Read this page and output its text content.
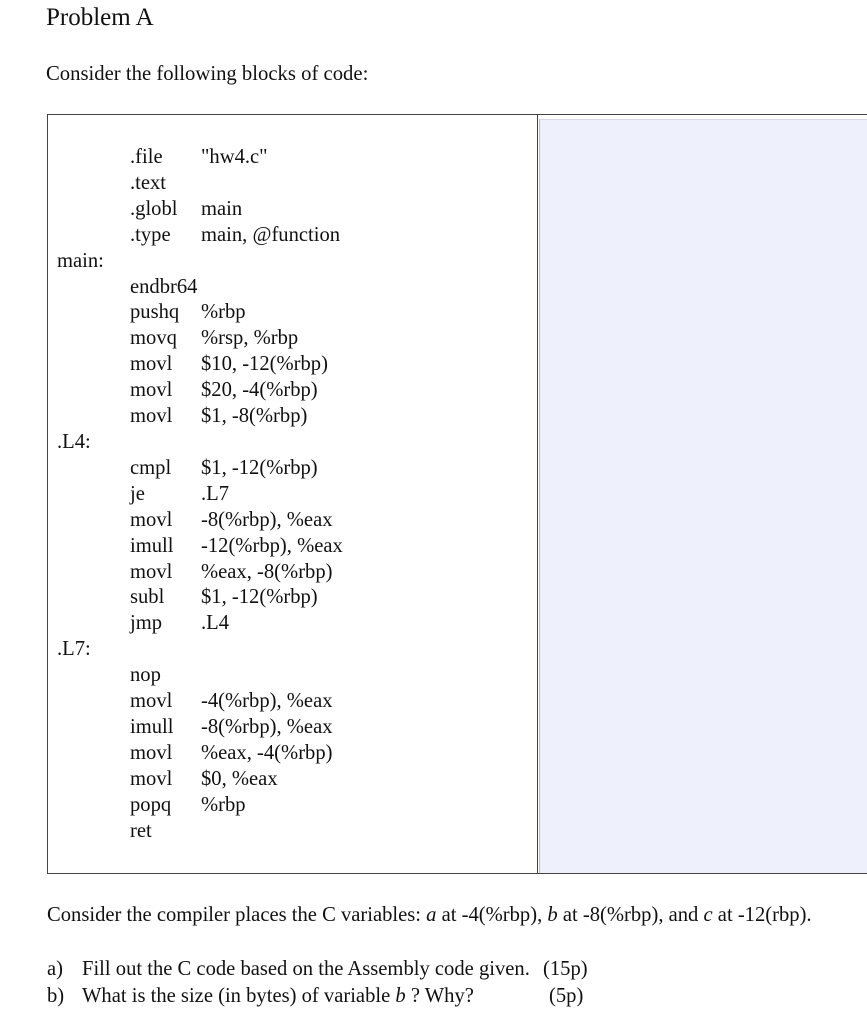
Problem A
Consider the following blocks of code:
.file "hw4.c"
.text
.globl main
.type main, @function
main:
endbr64
pushq %rbp
movq %rsp, %rbp
movl $10, -12(%rbp)
movl $20, -4(%rbp)
movl $1, -8(%rbp)
.L4:
cmpl $1, -12(%rbp)
je	.L7
movl -8(%rbp), %eax
imull -12(%rbp), %eax
movl %eax, -8(%rbp)
subl $1, -12(%rbp)
jmp .L4
.L7:
nop
movl -4(%rbp), %eax
imull -8(%rbp), %eax
movl %eax, -4(%rbp)
movl $0, %eax
popq %rbp
ret
Consider the compiler places the C variables: a at -4(%rbp), b at -8(%rbp), and c at -12(rbp).

a)

Fill out the C code based on the Assembly code given.

(15p)

b)

What is the size (in bytes) of variable b ? Why?

	(5p)
